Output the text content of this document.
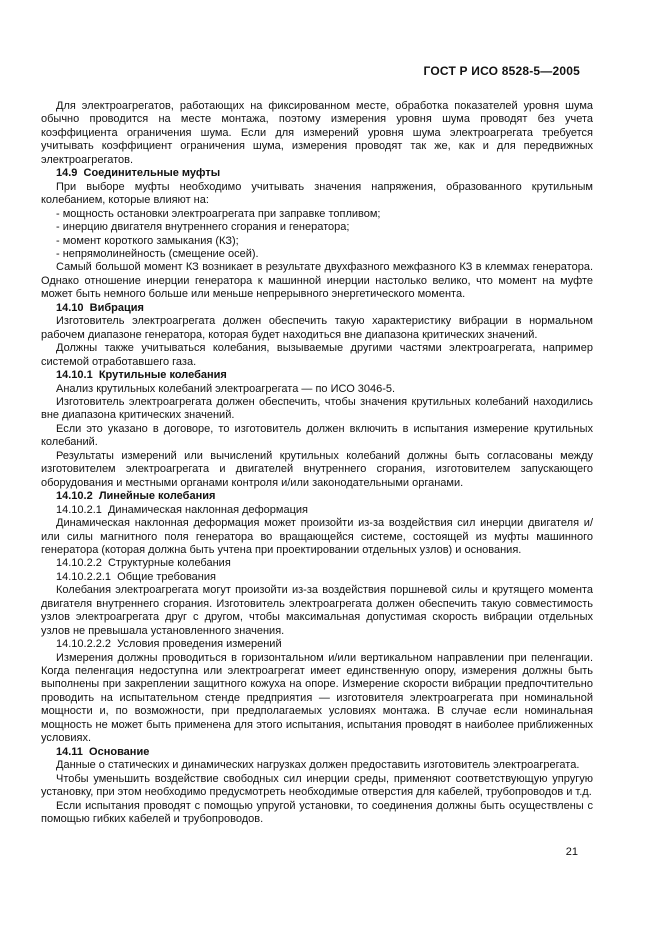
ГОСТ Р ИСО 8528-5—2005

Для электроагрегатов, работающих на фиксированном месте, обработка показателей уровня шума обычно проводится на месте монтажа, поэтому измерения уровня шума проводят без учета коэффициента ограничения шума. Если для измерений уровня шума электроагрегата требуется учитывать коэффициент ограничения шума, измерения проводят так же, как и для передвижных электроагрегатов.

14.9  Соединительные муфты

При выборе муфты необходимо учитывать значения напряжения, образованного крутильным колебанием, которые влияют на:

- мощность остановки электроагрегата при заправке топливом;

- инерцию двигателя внутреннего сгорания и генератора;

- момент короткого замыкания (КЗ);

- непрямолинейность (смещение осей).

Самый большой момент КЗ возникает в результате двухфазного межфазного КЗ в клеммах генератора. Однако отношение инерции генератора к машинной инерции настолько велико, что момент на муфте может быть немного больше или меньше непрерывного энергетического момента.

14.10  Вибрация

Изготовитель электроагрегата должен обеспечить такую характеристику вибрации в нормальном рабочем диапазоне генератора, которая будет находиться вне диапазона критических значений.

Должны также учитываться колебания, вызываемые другими частями электроагрегата, например системой отработавшего газа.

14.10.1  Крутильные колебания

Анализ крутильных колебаний электроагрегата — по ИСО 3046-5.

Изготовитель электроагрегата должен обеспечить, чтобы значения крутильных колебаний находились вне диапазона критических значений.

Если это указано в договоре, то изготовитель должен включить в испытания измерение крутильных колебаний.

Результаты измерений или вычислений крутильных колебаний должны быть согласованы между изготовителем электроагрегата и двигателей внутреннего сгорания, изготовителем запускающего оборудования и местными органами контроля и/или законодательными органами.

14.10.2  Линейные колебания

14.10.2.1  Динамическая наклонная деформация

Динамическая наклонная деформация может произойти из-за воздействия сил инерции двигателя и/или силы магнитного поля генератора во вращающейся системе, состоящей из муфты машинного генератора (которая должна быть учтена при проектировании отдельных узлов) и основания.

14.10.2.2  Структурные колебания

14.10.2.2.1  Общие требования

Колебания электроагрегата могут произойти из-за воздействия поршневой силы и крутящего момента двигателя внутреннего сгорания. Изготовитель электроагрегата должен обеспечить такую совместимость узлов электроагрегата друг с другом, чтобы максимальная допустимая скорость вибрации отдельных узлов не превышала установленного значения.

14.10.2.2.2  Условия проведения измерений

Измерения должны проводиться в горизонтальном и/или вертикальном направлении при пеленгации. Когда пеленгация недоступна или электроагрегат имеет единственную опору, измерения должны быть выполнены при закреплении защитного кожуха на опоре. Измерение скорости вибрации предпочтительно проводить на испытательном стенде предприятия — изготовителя электроагрегата при номинальной мощности и, по возможности, при предполагаемых условиях монтажа. В случае если номинальная мощность не может быть применена для этого испытания, испытания проводят в наиболее приближенных условиях.

14.11  Основание

Данные о статических и динамических нагрузках должен предоставить изготовитель электроагрегата.

Чтобы уменьшить воздействие свободных сил инерции среды, применяют соответствующую упругую установку, при этом необходимо предусмотреть необходимые отверстия для кабелей, трубопроводов и т.д.

Если испытания проводят с помощью упругой установки, то соединения должны быть осуществлены с помощью гибких кабелей и трубопроводов.

21
